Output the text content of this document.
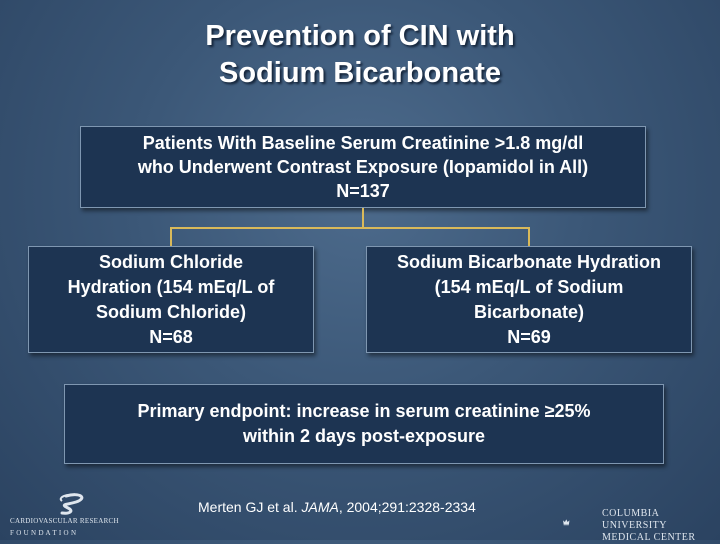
Prevention of CIN with
Sodium Bicarbonate
Patients With Baseline Serum Creatinine >1.8 mg/dl
who Underwent Contrast Exposure (Iopamidol in All)
N=137
Sodium Chloride
Hydration (154 mEq/L of
Sodium Chloride)
N=68
Sodium Bicarbonate Hydration
(154 mEq/L of Sodium
Bicarbonate)
N=69
Primary endpoint: increase in serum creatinine ≥25%
within 2 days post-exposure
CARDIOVASCULAR RESEARCH
F O U N D A T I O N
Merten GJ et al. JAMA, 2004;291:2328-2334	COLUMBIA UNIVERSITY
MEDICAL CENTER
